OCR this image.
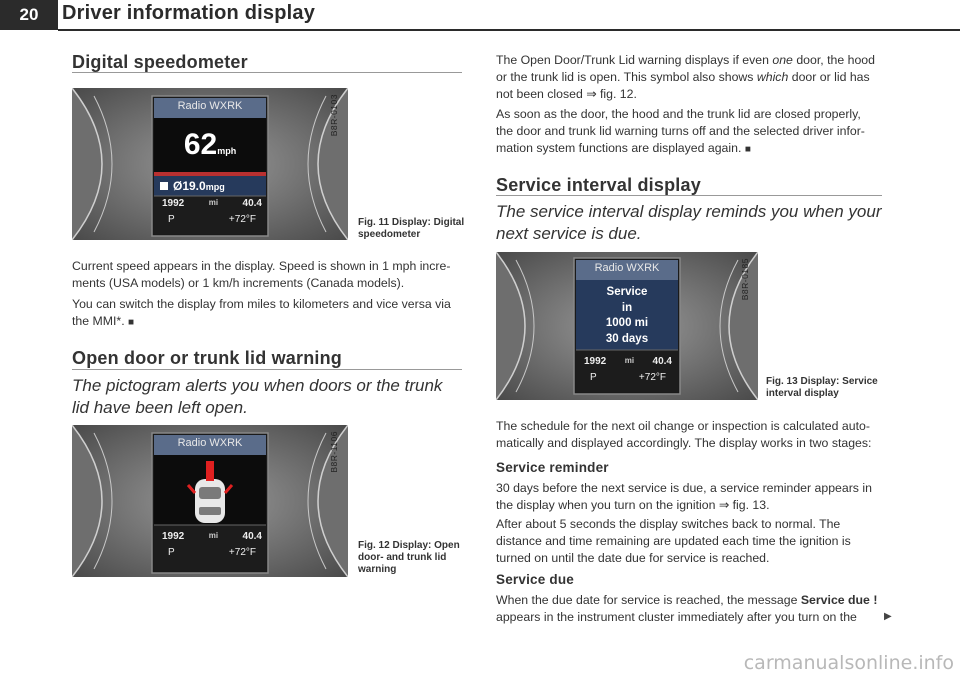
20	Driver information display
Digital speedometer
Radio WXRK
62mph
Ø19.0mpg
1992	mi 40.4
P	+72°F
B8R-0103
Fig. 11 Display: Digital speedometer
Current speed appears in the display. Speed is shown in 1 mph incre-ments (USA models) or 1 km/h increments (Canada models).
You can switch the display from miles to kilometers and vice versa via the MMI*. ■
Open door or trunk lid warning
The pictogram alerts you when doors or the trunk lid have been left open.
Radio WXRK
1992	mi 40.4
P	+72°F
B8R-1106
Fig. 12 Display: Open door- and trunk lid warning
The Open Door/Trunk Lid warning displays if even one door, the hood or the trunk lid is open. This symbol also shows which door or lid has not been closed ⇒ fig. 12.
As soon as the door, the hood and the trunk lid are closed properly, the door and trunk lid warning turns off and the selected driver infor-mation system functions are displayed again. ■
Service interval display
The service interval display reminds you when your next service is due.
Radio WXRK
Service
in
1000 mi
30 days
1992 mi 40.4
P	+72°F
B8R-0185
Fig. 13 Display: Service interval display
The schedule for the next oil change or inspection is calculated auto-matically and displayed accordingly. The display works in two stages:
Service reminder
30 days before the next service is due, a service reminder appears in the display when you turn on the ignition ⇒ fig. 13.
After about 5 seconds the display switches back to normal. The distance and time remaining are updated each time the ignition is turned on until the date due for service is reached.
Service due
When the due date for service is reached, the message Service due ! appears in the instrument cluster immediately after you turn on the	▶
carmanualsonline.info
